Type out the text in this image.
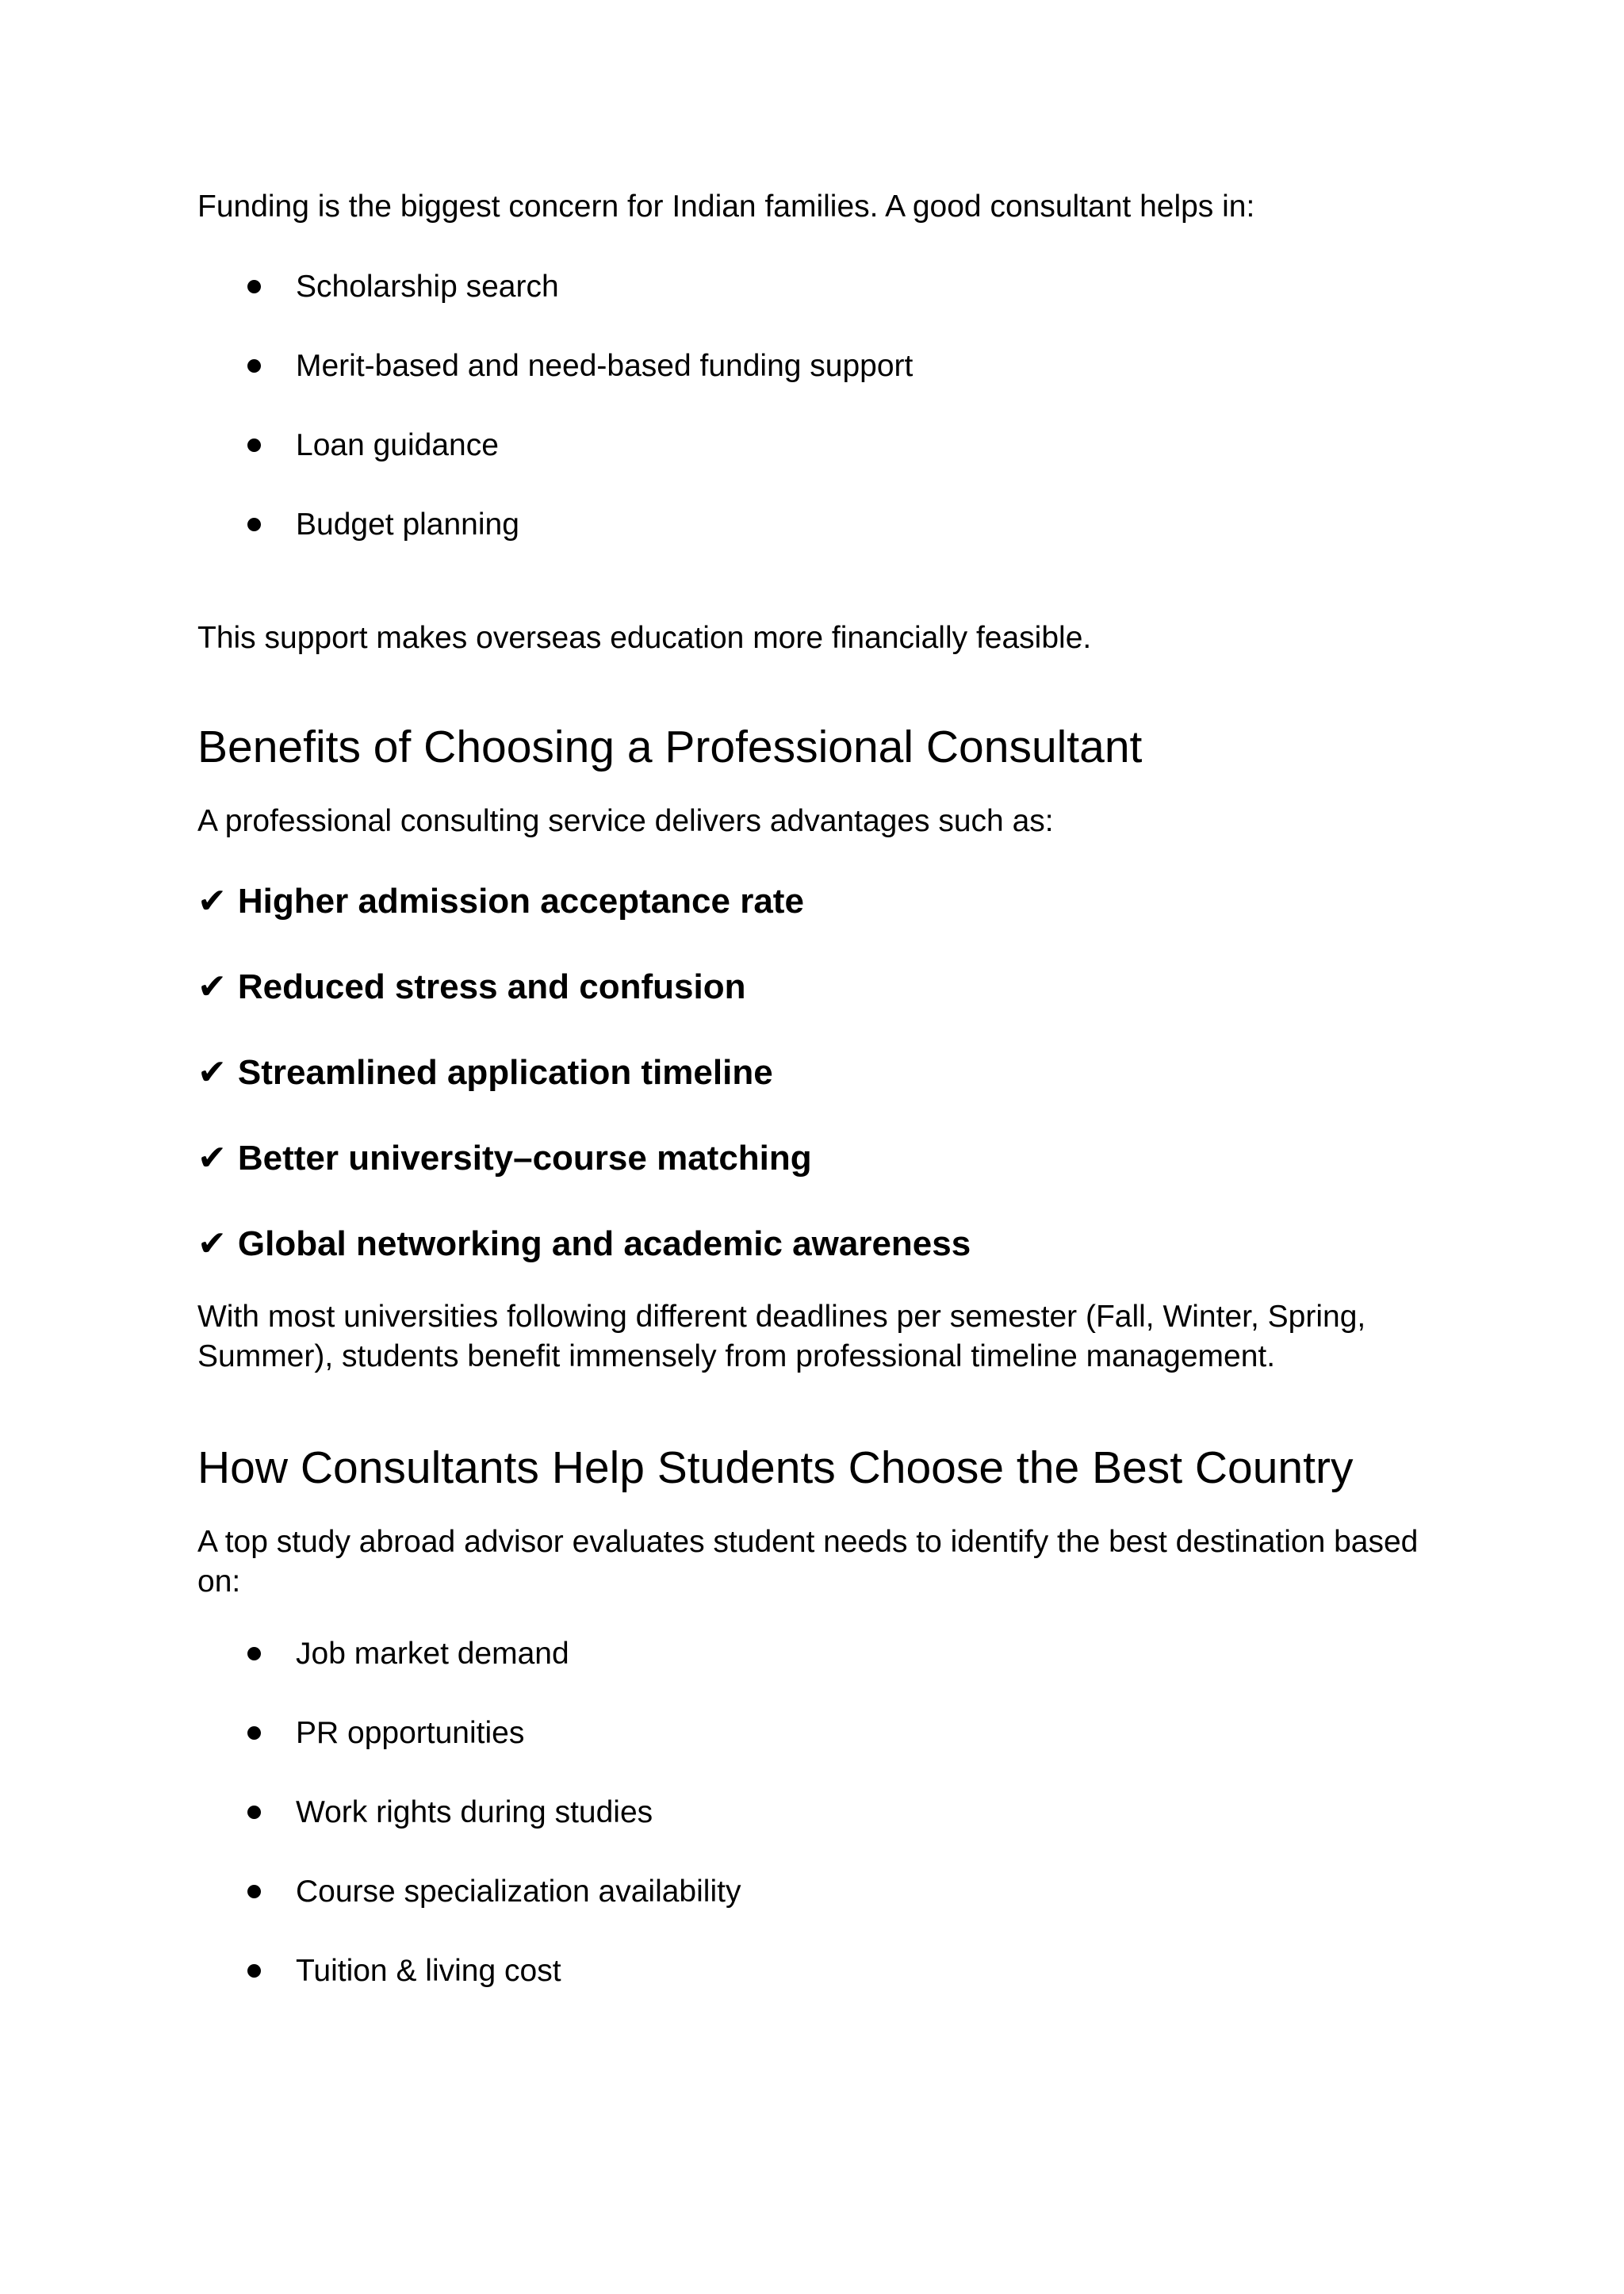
Funding is the biggest concern for Indian families. A good consultant helps in:

Scholarship search
Merit-based and need-based funding support
Loan guidance
Budget planning

This support makes overseas education more financially feasible.

Benefits of Choosing a Professional Consultant

A professional consulting service delivers advantages such as:

✔ Higher admission acceptance rate
✔ Reduced stress and confusion
✔ Streamlined application timeline
✔ Better university–course matching
✔ Global networking and academic awareness

With most universities following different deadlines per semester (Fall, Winter, Spring, Summer), students benefit immensely from professional timeline management.

How Consultants Help Students Choose the Best Country

A top study abroad advisor evaluates student needs to identify the best destination based on:

Job market demand
PR opportunities
Work rights during studies
Course specialization availability
Tuition & living cost
